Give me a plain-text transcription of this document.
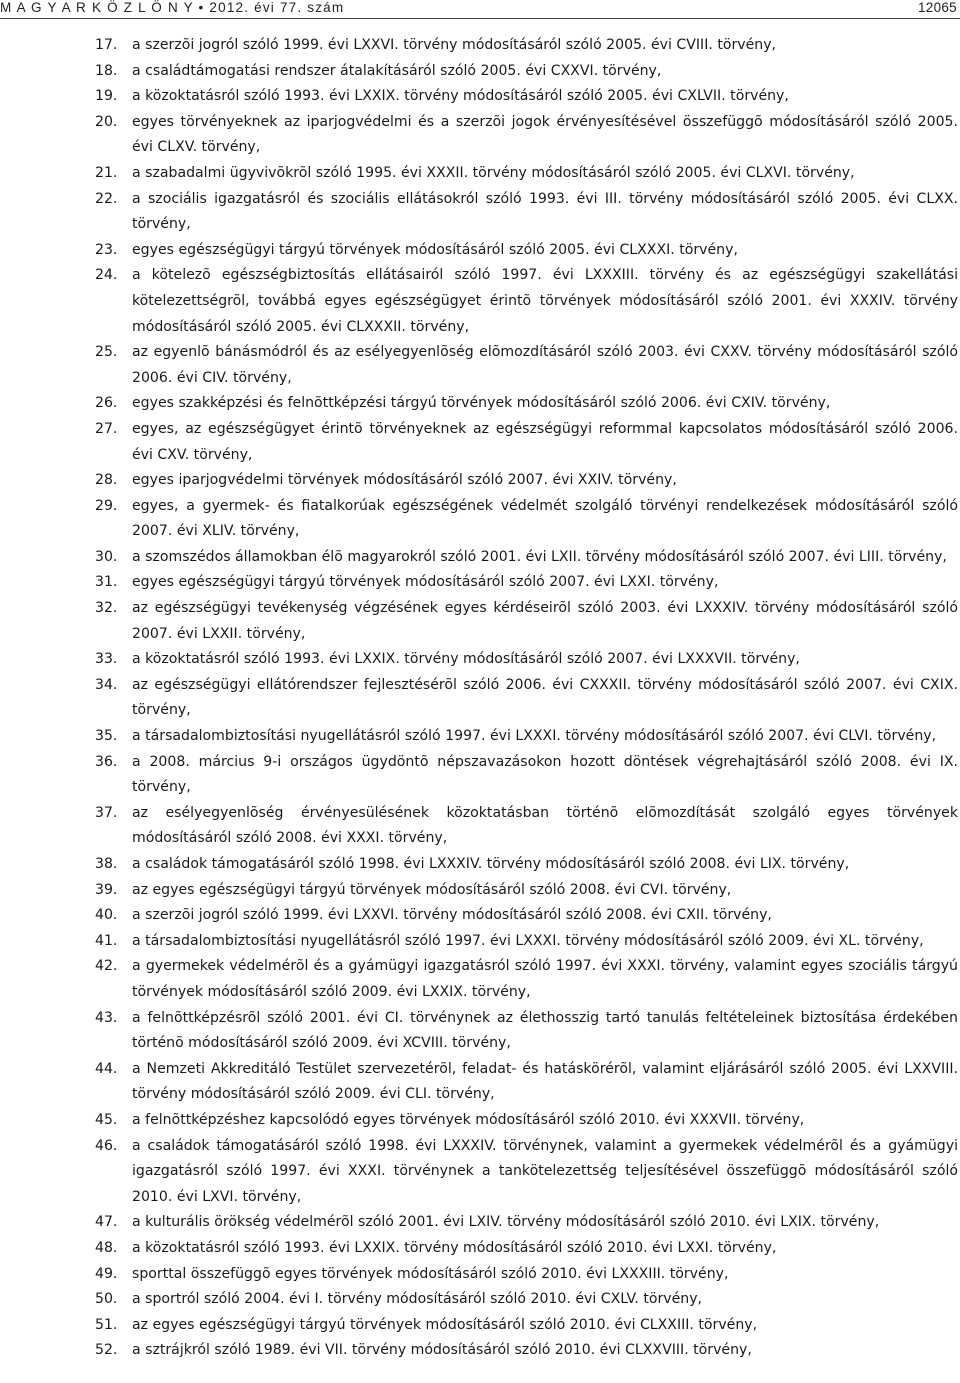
M A G Y A R K Ö Z L Ö N Y • 2012. évi 77. szám	12065
17.	a szerzõi jogról szóló 1999. évi LXXVI. törvény módosításáról szóló 2005. évi CVIII. törvény,
18.	a családtámogatási rendszer átalakításáról szóló 2005. évi CXXVI. törvény,
19.	a közoktatásról szóló 1993. évi LXXIX. törvény módosításáról szóló 2005. évi CXLVII. törvény,
20.	egyes törvényeknek az iparjogvédelmi és a szerzõi jogok érvényesítésével összefüggõ módosításáról szóló 2005. évi CLXV. törvény,
21.	a szabadalmi ügyvivõkrõl szóló 1995. évi XXXII. törvény módosításáról szóló 2005. évi CLXVI. törvény,
22.	a szociális igazgatásról és szociális ellátásokról szóló 1993. évi III. törvény módosításáról szóló 2005. évi CLXX. törvény,
23.	egyes egészségügyi tárgyú törvények módosításáról szóló 2005. évi CLXXXI. törvény,
24.	a kötelezõ egészségbiztosítás ellátásairól szóló 1997. évi LXXXIII. törvény és az egészségügyi szakellátási kötelezettségrõl, továbbá egyes egészségügyet érintõ törvények módosításáról szóló 2001. évi XXXIV. törvény módosításáról szóló 2005. évi CLXXXII. törvény,
25.	az egyenlõ bánásmódról és az esélyegyenlõség elõmozdításáról szóló 2003. évi CXXV. törvény módosításáról szóló 2006. évi CIV. törvény,
26.	egyes szakképzési és felnõttképzési tárgyú törvények módosításáról szóló 2006. évi CXIV. törvény,
27.	egyes, az egészségügyet érintõ törvényeknek az egészségügyi reformmal kapcsolatos módosításáról szóló 2006. évi CXV. törvény,
28.	egyes iparjogvédelmi törvények módosításáról szóló 2007. évi XXIV. törvény,
29.	egyes, a gyermek- és fiatalkorúak egészségének védelmét szolgáló törvényi rendelkezések módosításáról szóló 2007. évi XLIV. törvény,
30.	a szomszédos államokban élõ magyarokról szóló 2001. évi LXII. törvény módosításáról szóló 2007. évi LIII. törvény,
31.	egyes egészségügyi tárgyú törvények módosításáról szóló 2007. évi LXXI. törvény,
32.	az egészségügyi tevékenység végzésének egyes kérdéseirõl szóló 2003. évi LXXXIV. törvény módosításáról szóló 2007. évi LXXII. törvény,
33.	a közoktatásról szóló 1993. évi LXXIX. törvény módosításáról szóló 2007. évi LXXXVII. törvény,
34.	az egészségügyi ellátórendszer fejlesztésérõl szóló 2006. évi CXXXII. törvény módosításáról szóló 2007. évi CXIX. törvény,
35.	a társadalombiztosítási nyugellátásról szóló 1997. évi LXXXI. törvény módosításáról szóló 2007. évi CLVI. törvény,
36.	a 2008. március 9-i országos ügydöntõ népszavazásokon hozott döntések végrehajtásáról szóló 2008. évi IX. törvény,
37.	az esélyegyenlõség érvényesülésének közoktatásban történõ elõmozdítását szolgáló egyes törvények módosításáról szóló 2008. évi XXXI. törvény,
38.	a családok támogatásáról szóló 1998. évi LXXXIV. törvény módosításáról szóló 2008. évi LIX. törvény,
39.	az egyes egészségügyi tárgyú törvények módosításáról szóló 2008. évi CVI. törvény,
40.	a szerzõi jogról szóló 1999. évi LXXVI. törvény módosításáról szóló 2008. évi CXII. törvény,
41.	a társadalombiztosítási nyugellátásról szóló 1997. évi LXXXI. törvény módosításáról szóló 2009. évi XL. törvény,
42.	a gyermekek védelmérõl és a gyámügyi igazgatásról szóló 1997. évi XXXI. törvény, valamint egyes szociális tárgyú törvények módosításáról szóló 2009. évi LXXIX. törvény,
43.	a felnõttképzésrõl szóló 2001. évi CI. törvénynek az élethosszig tartó tanulás feltételeinek biztosítása érdekében történõ módosításáról szóló 2009. évi XCVIII. törvény,
44.	a Nemzeti Akkreditáló Testület szervezetérõl, feladat- és hatáskörérõl, valamint eljárásáról szóló 2005. évi LXXVIII. törvény módosításáról szóló 2009. évi CLI. törvény,
45.	a felnõttképzéshez kapcsolódó egyes törvények módosításáról szóló 2010. évi XXXVII. törvény,
46.	a családok támogatásáról szóló 1998. évi LXXXIV. törvénynek, valamint a gyermekek védelmérõl és a gyámügyi igazgatásról szóló 1997. évi XXXI. törvénynek a tankötelezettség teljesítésével összefüggõ módosításáról szóló 2010. évi LXVI. törvény,
47.	a kulturális örökség védelmérõl szóló 2001. évi LXIV. törvény módosításáról szóló 2010. évi LXIX. törvény,
48.	a közoktatásról szóló 1993. évi LXXIX. törvény módosításáról szóló 2010. évi LXXI. törvény,
49.	sporttal összefüggõ egyes törvények módosításáról szóló 2010. évi LXXXIII. törvény,
50.	a sportról szóló 2004. évi I. törvény módosításáról szóló 2010. évi CXLV. törvény,
51.	az egyes egészségügyi tárgyú törvények módosításáról szóló 2010. évi CLXXIII. törvény,
52.	a sztrájkról szóló 1989. évi VII. törvény módosításáról szóló 2010. évi CLXXVIII. törvény,
